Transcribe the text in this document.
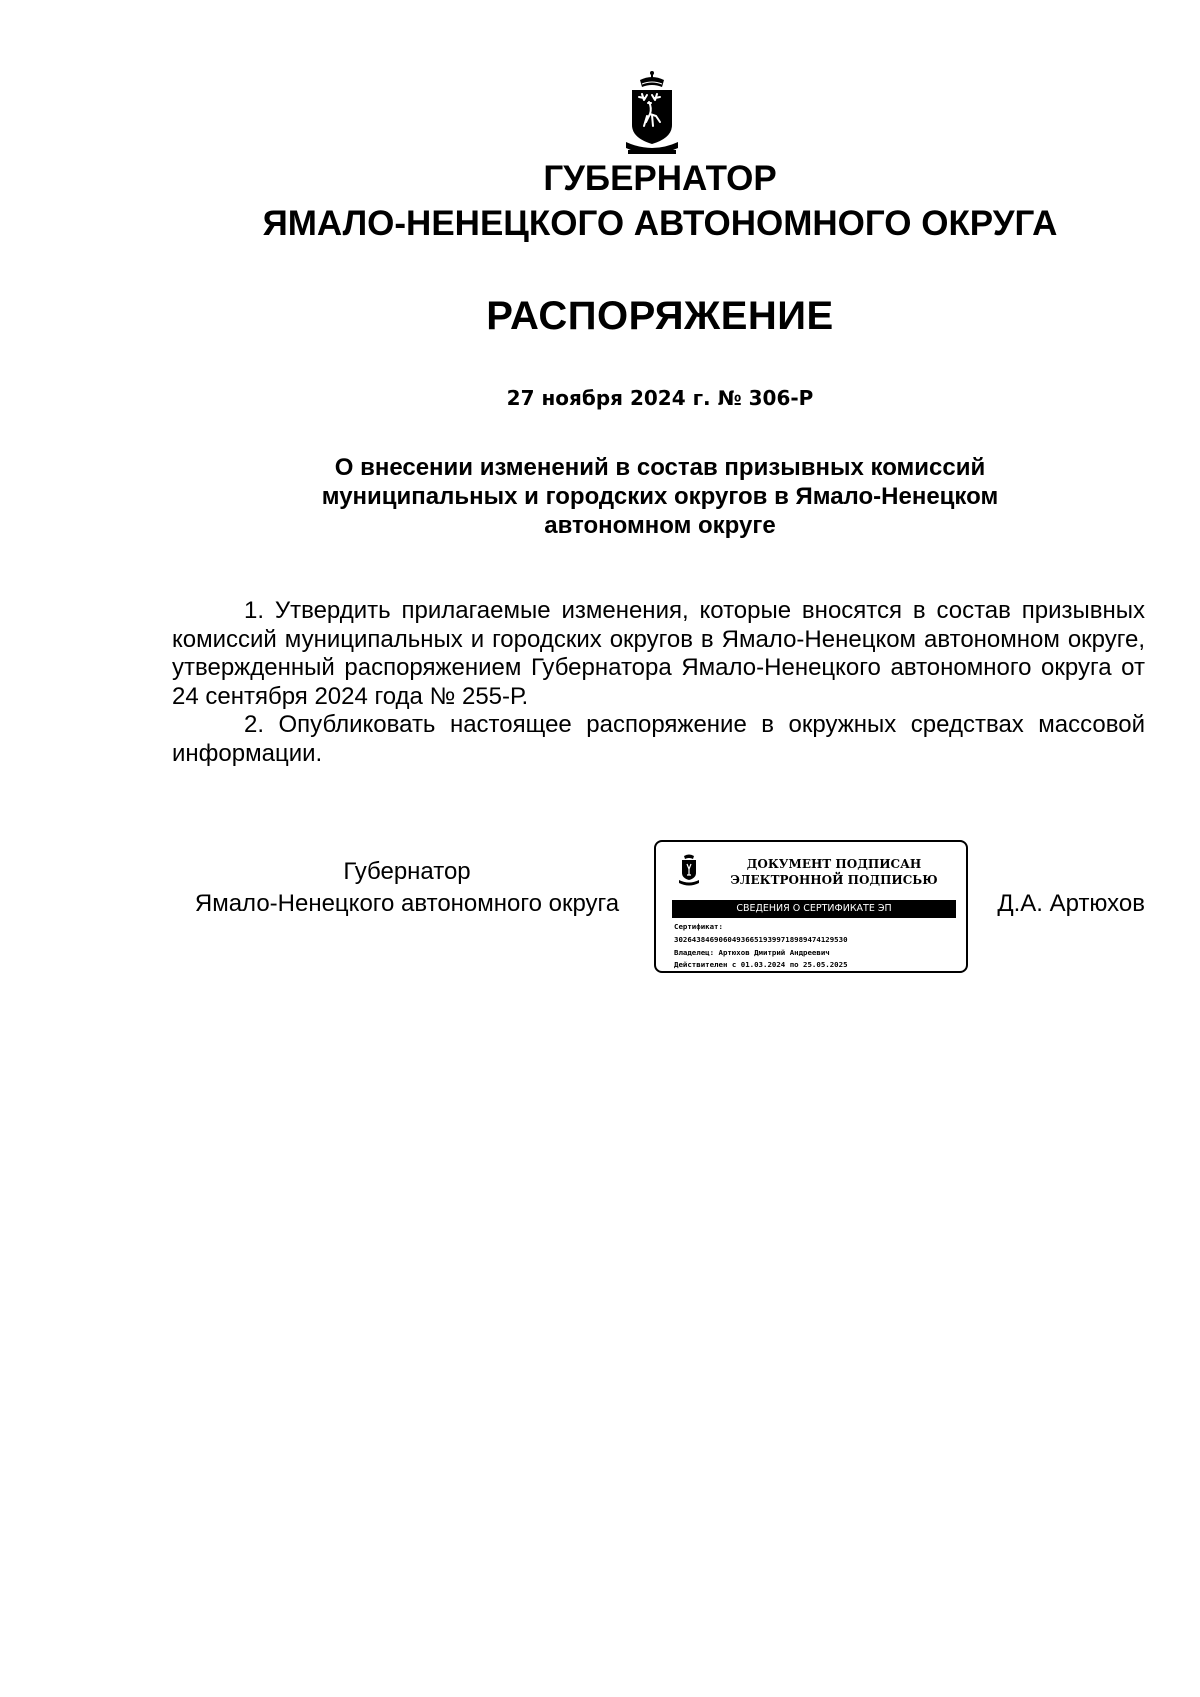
ГУБЕРНАТОР
ЯМАЛО-НЕНЕЦКОГО АВТОНОМНОГО ОКРУГА
РАСПОРЯЖЕНИЕ
27 ноября 2024 г. № 306-Р
О внесении изменений в состав призывных комиссий
муниципальных и городских округов в Ямало-Ненецком
автономном округе

1. Утвердить прилагаемые изменения, которые вносятся в состав призывных комиссий муниципальных и городских округов в Ямало-Ненецком автономном округе, утвержденный распоряжением Губернатора Ямало-Ненецкого автономного округа от 24 сентября 2024 года № 255-Р.

2. Опубликовать настоящее распоряжение в окружных средствах массовой информации.

Губернатор
Ямало-Ненецкого автономного округа
ДОКУМЕНТ ПОДПИСАН
ЭЛЕКТРОННОЙ ПОДПИСЬЮ
СВЕДЕНИЯ О СЕРТИФИКАТЕ ЭП
Сертификат:
302643846906049366519399718989474129530
Владелец: Артюхов Дмитрий Андреевич
Действителен с 01.03.2024 по 25.05.2025
Д.А. Артюхов
